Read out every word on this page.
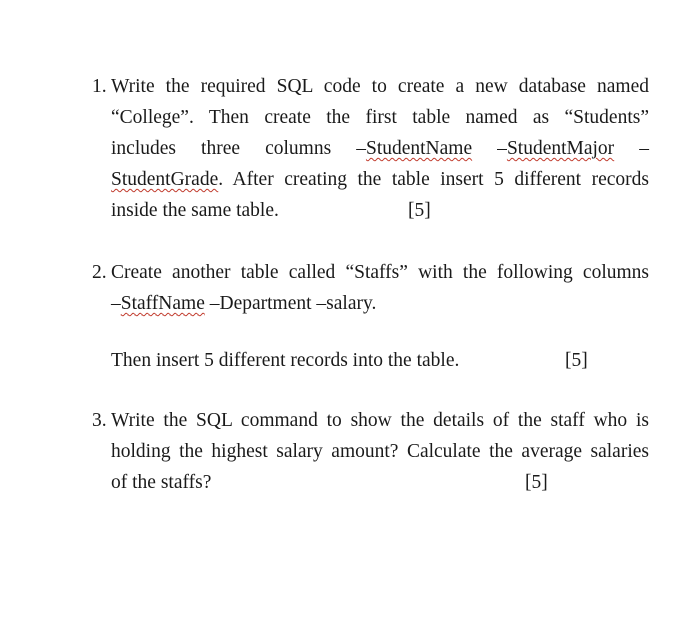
1. Write the required SQL code to create a new database named
“College”. Then create the first table named as “Students”
includes three columns –StudentName –StudentMajor –
StudentGrade. After creating the table insert 5 different records
inside the same table.	[5]
2. Create another table called “Staffs” with the following columns
–StaffName –Department –salary.
Then insert 5 different records into the table.	[5]
3. Write the SQL command to show the details of the staff who is
holding the highest salary amount? Calculate the average salaries
of the staffs?	[5]
